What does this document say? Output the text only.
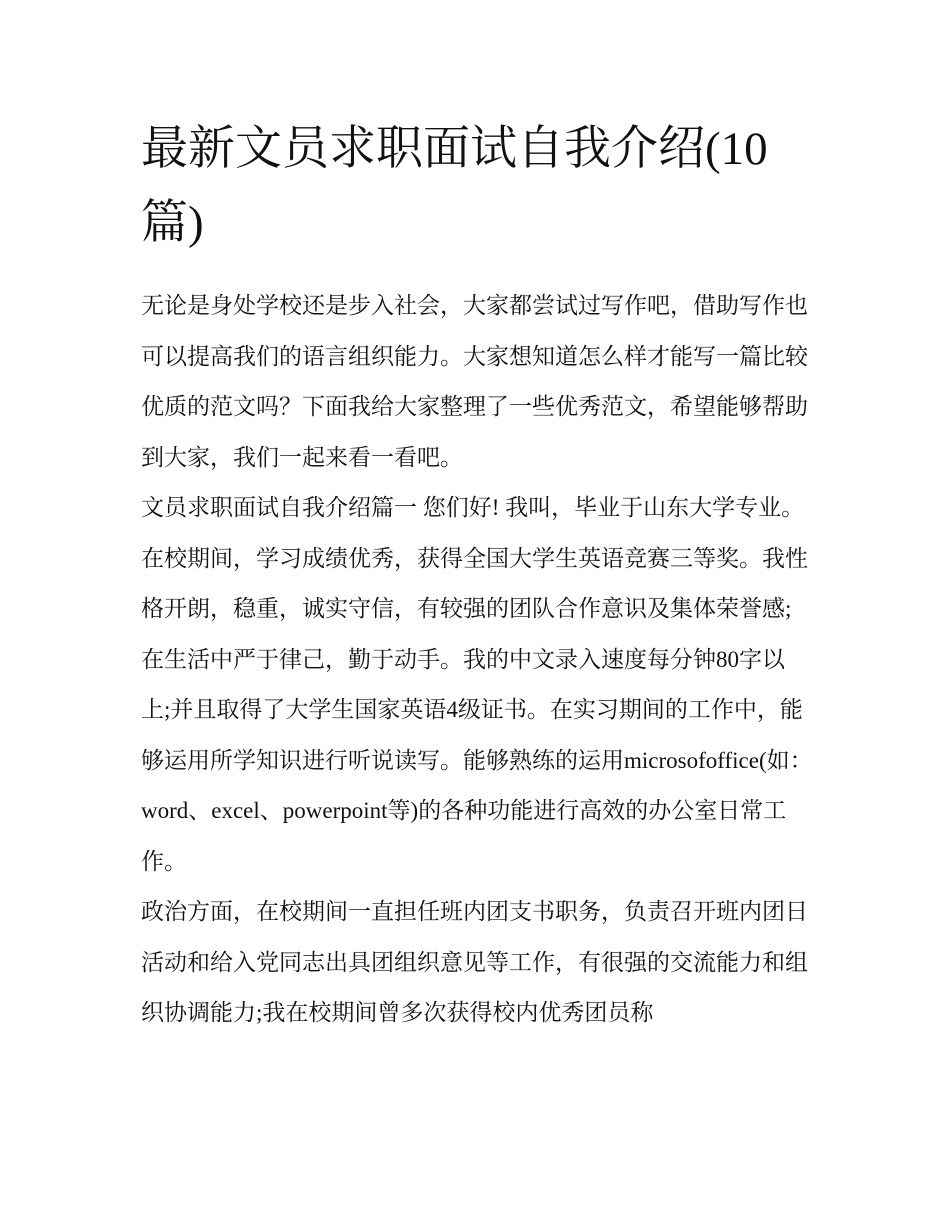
最新文员求职面试自我介绍(10篇)

无论是身处学校还是步入社会，大家都尝试过写作吧，借助写作也可以提高我们的语言组织能力。大家想知道怎么样才能写一篇比较优质的范文吗？下面我给大家整理了一些优秀范文，希望能够帮助到大家，我们一起来看一看吧。

文员求职面试自我介绍篇一 您们好! 我叫，毕业于山东大学专业。

在校期间，学习成绩优秀，获得全国大学生英语竞赛三等奖。我性格开朗，稳重，诚实守信，有较强的团队合作意识及集体荣誉感;在生活中严于律己，勤于动手。我的中文录入速度每分钟80字以上;并且取得了大学生国家英语4级证书。在实习期间的工作中，能够运用所学知识进行听说读写。能够熟练的运用microsofoffice(如：word、excel、powerpoint等)的各种功能进行高效的办公室日常工作。

政治方面，在校期间一直担任班内团支书职务，负责召开班内团日活动和给入党同志出具团组织意见等工作，有很强的交流能力和组织协调能力;我在校期间曾多次获得校内优秀团员称
